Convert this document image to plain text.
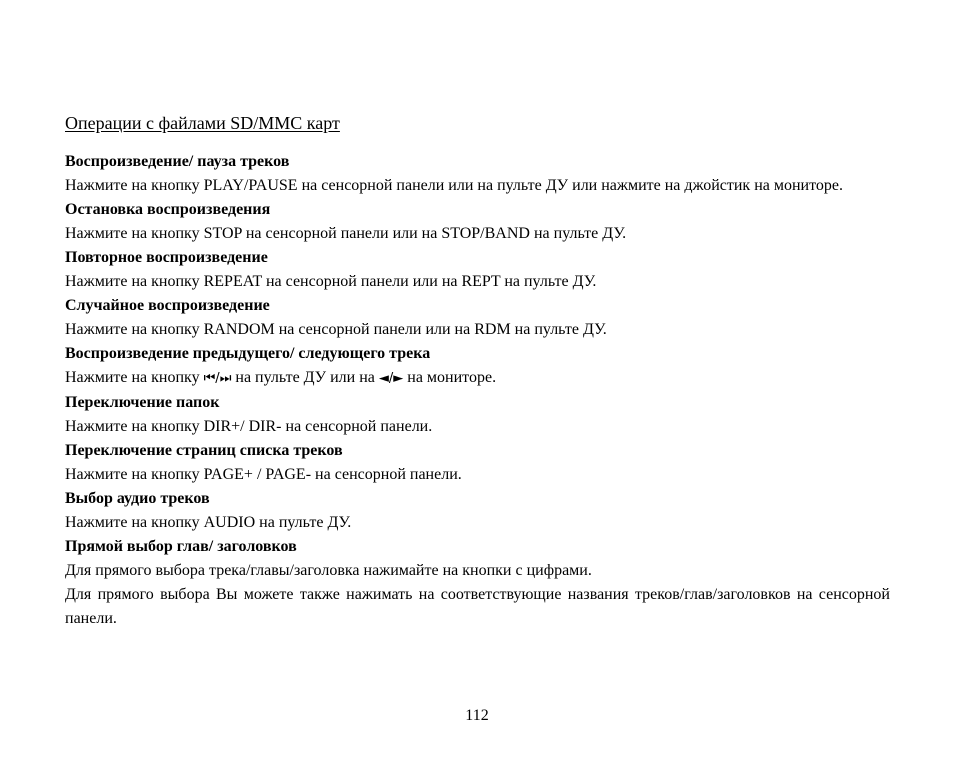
Операции с файлами SD/MMC карт

Воспроизведение/ пауза треков

Нажмите на кнопку PLAY/PAUSE на сенсорной панели или на пульте ДУ или нажмите на джойстик на мониторе.

Остановка воспроизведения

Нажмите на кнопку STOP на сенсорной панели или на STOP/BAND на пульте ДУ.

Повторное воспроизведение

Нажмите на кнопку REPEAT на сенсорной панели или на REPT на пульте ДУ.

Случайное воспроизведение

Нажмите на кнопку RANDOM на сенсорной панели или на RDM на пульте ДУ.

Воспроизведение предыдущего/ следующего трека

Нажмите на кнопку ⏮/⏭ на пульте ДУ или на ◄/► на мониторе.

Переключение папок

Нажмите на кнопку DIR+/ DIR- на сенсорной панели.

Переключение страниц списка треков

Нажмите на кнопку PAGE+ / PAGE- на сенсорной панели.

Выбор аудио треков

Нажмите на кнопку AUDIO на пульте ДУ.

Прямой выбор глав/ заголовков

Для прямого выбора трека/главы/заголовка нажимайте на кнопки с цифрами.

Для прямого выбора Вы можете также нажимать на соответствующие названия треков/глав/заголовков на сенсорной панели.

112
